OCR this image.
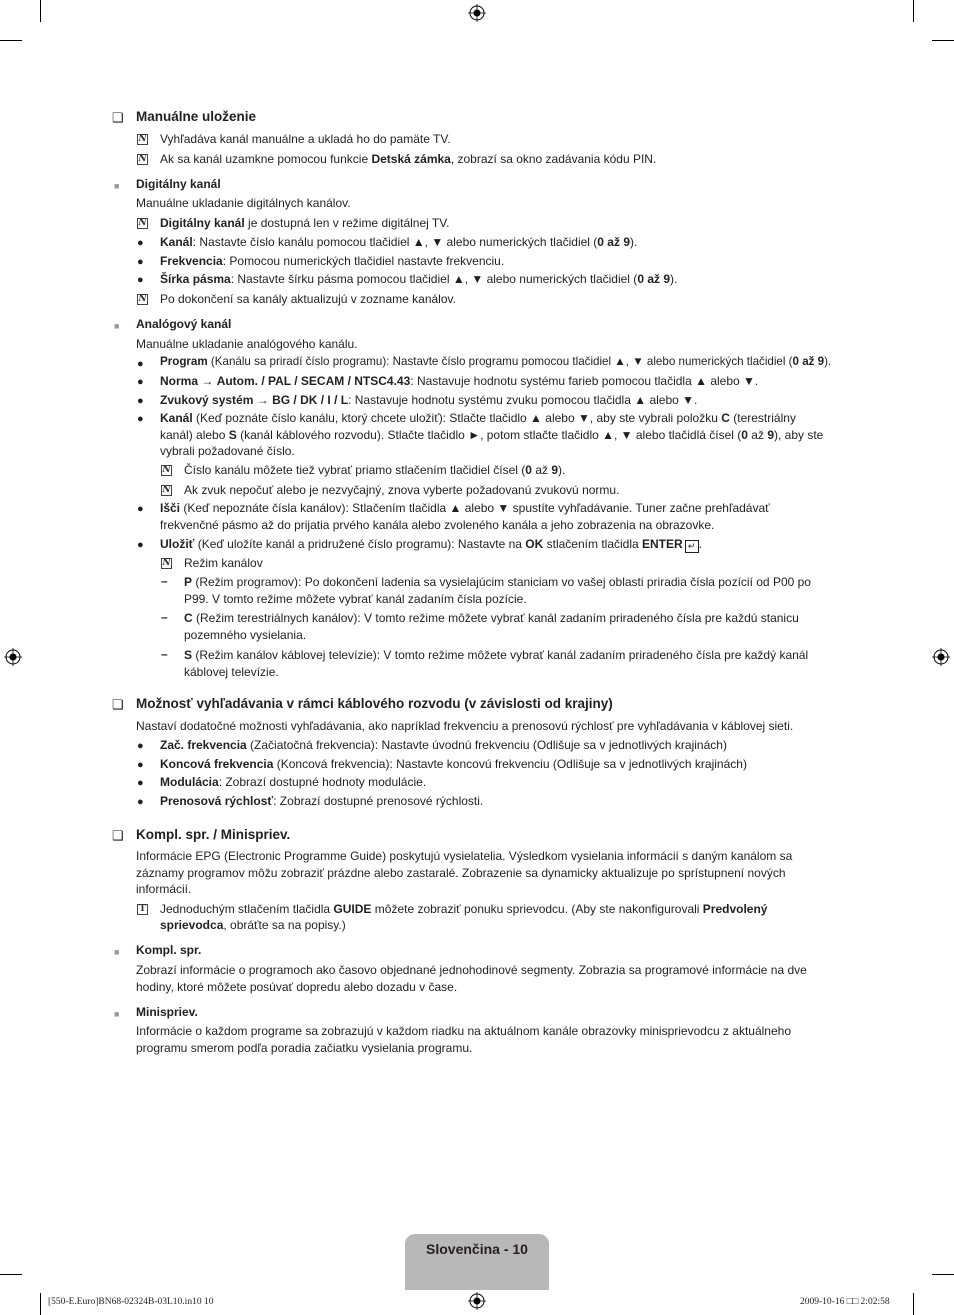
❑ Manuálne uloženie
N Vyhľadáva kanál manuálne a ukladá ho do pamäte TV.
N Ak sa kanál uzamkne pomocou funkcie Detská zámka, zobrazí sa okno zadávania kódu PIN.
■ Digitálny kanál
Manuálne ukladanie digitálnych kanálov.
N Digitálny kanál je dostupná len v režime digitálnej TV.
● Kanál: Nastavte číslo kanálu pomocou tlačidiel ▲, ▼ alebo numerických tlačidiel (0 až 9).
● Frekvencia: Pomocou numerických tlačidiel nastavte frekvenciu.
● Šírka pásma: Nastavte šírku pásma pomocou tlačidiel ▲, ▼ alebo numerických tlačidiel (0 až 9).
N Po dokončení sa kanály aktualizujú v zozname kanálov.
■ Analógový kanál
Manuálne ukladanie analógového kanálu.
● Program (Kanálu sa priradí číslo programu): Nastavte číslo programu pomocou tlačidiel ▲, ▼ alebo numerických tlačidiel (0 až 9).
● Norma → Autom. / PAL / SECAM / NTSC4.43: Nastavuje hodnotu systému farieb pomocou tlačidla ▲ alebo ▼.
● Zvukový systém → BG / DK / I / L: Nastavuje hodnotu systému zvuku pomocou tlačidla ▲ alebo ▼.
● Kanál (Keď poznáte číslo kanálu, ktorý chcete uložiť): Stlačte tlačidlo ▲ alebo ▼, aby ste vybrali položku C (terestriálny
kanál) alebo S (kanál káblového rozvodu). Stlačte tlačidlo ►, potom stlačte tlačidlo ▲, ▼ alebo tlačidlá čísel (0 až 9), aby ste
vybrali požadované číslo.
N Číslo kanálu môžete tiež vybrať priamo stlačením tlačidiel čísel (0 až 9).
N Ak zvuk nepočuť alebo je nezvyčajný, znova vyberte požadovanú zvukovú normu.
● Išči (Keď nepoznáte čísla kanálov): Stlačením tlačidla ▲ alebo ▼ spustíte vyhľadávanie. Tuner začne prehľadávať
frekvenčné pásmo až do prijatia prvého kanála alebo zvoleného kanála a jeho zobrazenia na obrazovke.
● Uložiť (Keď uložíte kanál a pridružené číslo programu): Nastavte na OK stlačením tlačidla ENTER ↵ .
N Režim kanálov
– P (Režim programov): Po dokončení ladenia sa vysielajúcim staniciam vo vašej oblasti priradia čísla pozícií od P00 po
P99. V tomto režime môžete vybrať kanál zadaním čísla pozície.
– C (Režim terestriálnych kanálov): V tomto režime môžete vybrať kanál zadaním priradeného čísla pre každú stanicu
pozemného vysielania.
– S (Režim kanálov káblovej televízie): V tomto režime môžete vybrať kanál zadaním priradeného čísla pre každý kanál
káblovej televízie.
❑ Možnosť vyhľadávania v rámci káblového rozvodu (v závislosti od krajiny)
Nastaví dodatočné možnosti vyhľadávania, ako napríklad frekvenciu a prenosovú rýchlosť pre vyhľadávania v káblovej sieti.
● Zač. frekvencia (Začiatočná frekvencia): Nastavte úvodnú frekvenciu (Odlišuje sa v jednotlivých krajinách)
● Koncová frekvencia (Koncová frekvencia): Nastavte koncovú frekvenciu (Odlišuje sa v jednotlivých krajinách)
● Modulácia: Zobrazí dostupné hodnoty modulácie.
● Prenosová rýchlosť: Zobrazí dostupné prenosové rýchlosti.
❑ Kompl. spr. / Minispriev.
Informácie EPG (Electronic Programme Guide) poskytujú vysielatelia. Výsledkom vysielania informácií s daným kanálom sa záznamy programov môžu zobraziť prázdne alebo zastaralé. Zobrazenie sa dynamicky aktualizuje po sprístupnení nových informácií.
T Jednoduchým stlačením tlačidla GUIDE môžete zobraziť ponuku sprievodcu. (Aby ste nakonfigurovali Predvolený
sprievodca, obráťte sa na popisy.)
■ Kompl. spr.
Zobrazí informácie o programoch ako časovo objednané jednohodinové segmenty. Zobrazia sa programové informácie na dve hodiny, ktoré môžete posúvať dopredu alebo dozadu v čase.
■ Minispriev.
Informácie o každom programe sa zobrazujú v každom riadku na aktuálnom kanále obrazovky minisprievodcu z aktuálneho programu smerom podľa poradia začiatku vysielania programu.
Slovenčina - 10
[550-E.Euro]BN68-02324B-03L10.in10 10	2009-10-16 □□ 2:02:58
